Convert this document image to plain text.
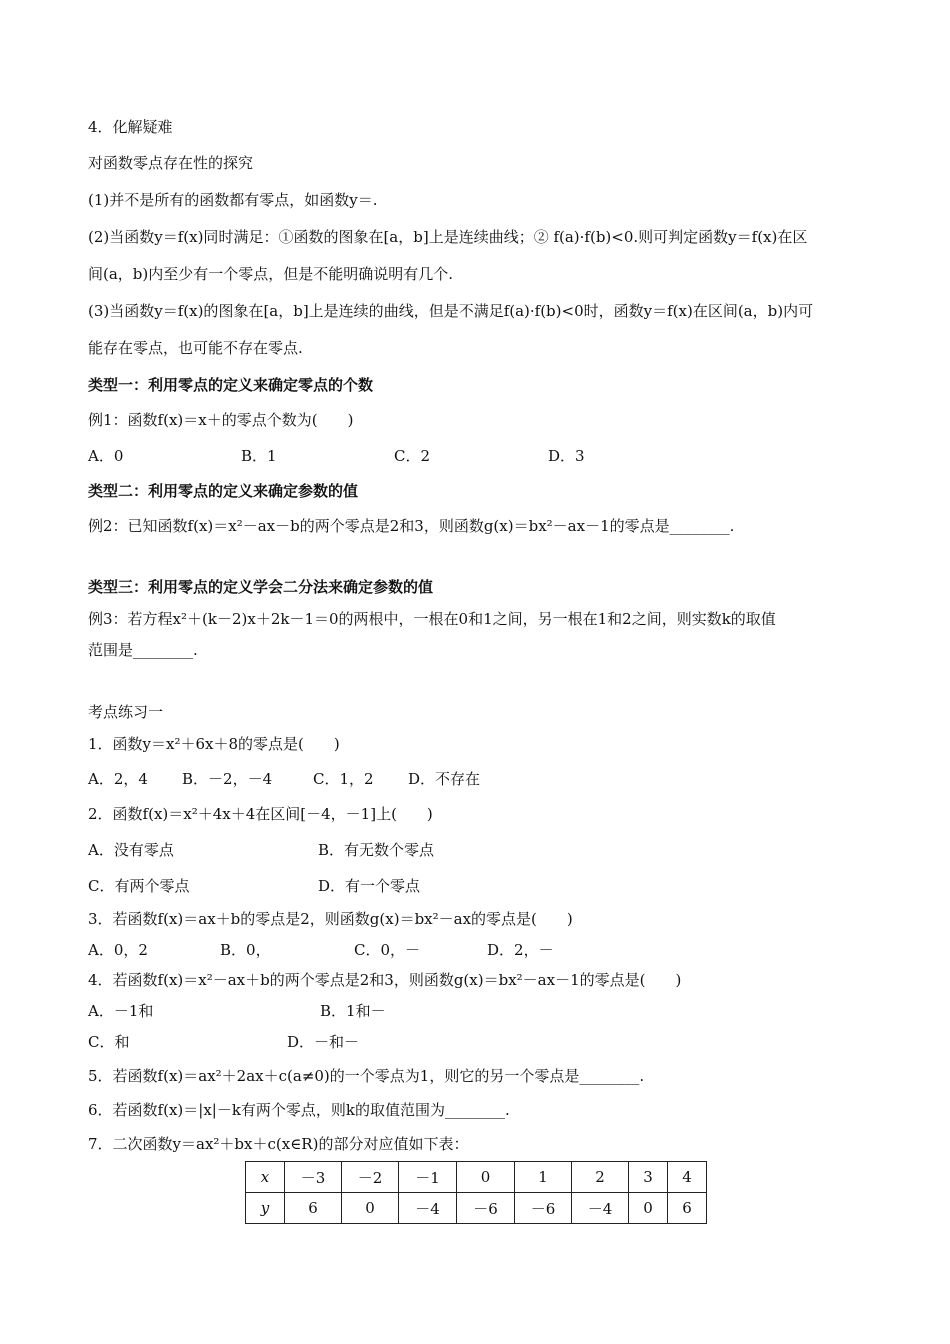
4．化解疑难
对函数零点存在性的探究
(1)并不是所有的函数都有零点，如函数y＝.
(2)当函数y＝f(x)同时满足：①函数的图象在[a，b]上是连续曲线；② f(a)·f(b)<0.则可判定函数y＝f(x)在区
间(a，b)内至少有一个零点，但是不能明确说明有几个.
(3)当函数y＝f(x)的图象在[a，b]上是连续的曲线，但是不满足f(a)·f(b)<0时，函数y＝f(x)在区间(a，b)内可
能存在零点，也可能不存在零点.
类型一：利用零点的定义来确定零点的个数
例1：函数f(x)＝x＋的零点个数为(　　)
A．0	B．1	C．2	D．3
类型二：利用零点的定义来确定参数的值
例2：已知函数f(x)＝x²－ax－b的两个零点是2和3，则函数g(x)＝bx²－ax－1的零点是________.
类型三：利用零点的定义学会二分法来确定参数的值
例3：若方程x²＋(k－2)x＋2k－1＝0的两根中，一根在0和1之间，另一根在1和2之间，则实数k的取值
范围是________.
考点练习一
1．函数y＝x²＋6x＋8的零点是(　　)
A．2，4 B．－2，－4	C．1，2 D．不存在
2．函数f(x)＝x²＋4x＋4在区间[－4，－1]上(　　)
A．没有零点	B．有无数个零点
C．有两个零点	D．有一个零点
3．若函数f(x)＝ax＋b的零点是2，则函数g(x)＝bx²－ax的零点是(　　)
A．0，2	B．0，	C．0，－	D．2，－
4．若函数f(x)＝x²－ax＋b的两个零点是2和3，则函数g(x)＝bx²－ax－1的零点是(　　)
A．－1和	B．1和－
C．和	D．－和－
5．若函数f(x)＝ax²＋2ax＋c(a≠0)的一个零点为1，则它的另一个零点是________.
6．若函数f(x)＝|x|－k有两个零点，则k的取值范围为________.
7．二次函数y＝ax²＋bx＋c(x∈R)的部分对应值如下表：
x	－3	－2	－1	0	1	2	3	4
y	6	0	－4	－6	－6	－4	0	6
